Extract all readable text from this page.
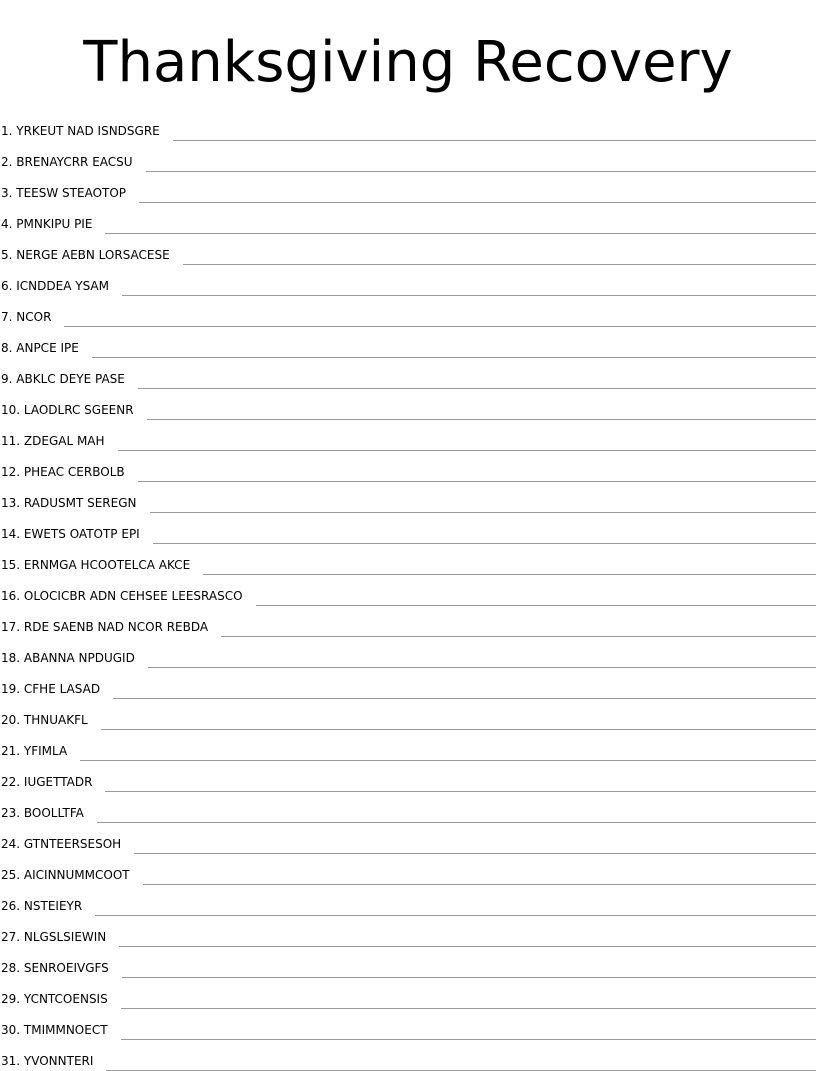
Thanksgiving Recovery
1. YRKEUT NAD ISNDSGRE
2. BRENAYCRR EACSU
3. TEESW STEAOTOP
4. PMNKIPU PIE
5. NERGE AEBN LORSACESE
6. ICNDDEA YSAM
7. NCOR
8. ANPCE IPE
9. ABKLC DEYE PASE
10. LAODLRC SGEENR
11. ZDEGAL MAH
12. PHEAC CERBOLB
13. RADUSMT SEREGN
14. EWETS OATOTP EPI
15. ERNMGA HCOOTELCA AKCE
16. OLOCICBR ADN CEHSEE LEESRASCO
17. RDE SAENB NAD NCOR REBDA
18. ABANNA NPDUGID
19. CFHE LASAD
20. THNUAKFL
21. YFIMLA
22. IUGETTADR
23. BOOLLTFA
24. GTNTEERSESOH
25. AICINNUMMCOOT
26. NSTEIEYR
27. NLGSLSIEWIN
28. SENROEIVGFS
29. YCNTCOENSIS
30. TMIMMNOECT
31. YVONNTERI
